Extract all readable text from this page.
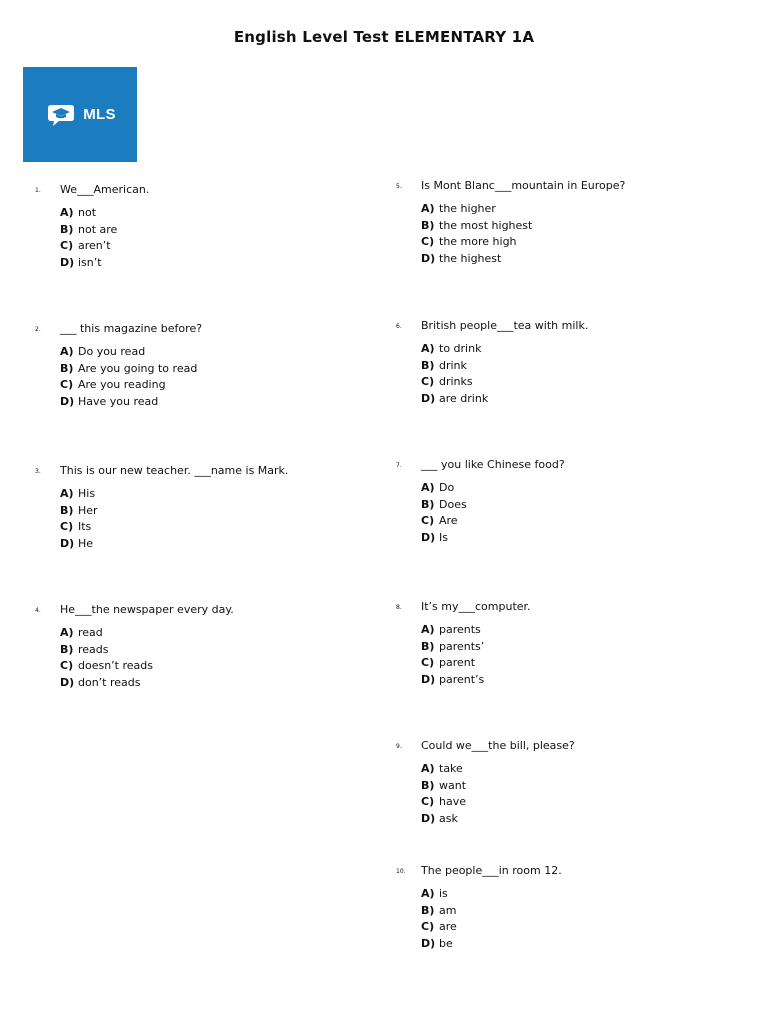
English Level Test ELEMENTARY 1A
MLS
1. We___American.
A) not
B) not are
C) aren’t
D) isn’t
2. ___ this magazine before?
A) Do you read
B) Are you going to read
C) Are you reading
D) Have you read
3. This is our new teacher. ___name is Mark.
A) His
B) Her
C) Its
D) He
4. He___the newspaper every day.
A) read
B) reads
C) doesn’t reads
D) don’t reads
5. Is Mont Blanc___mountain in Europe?
A) the higher
B) the most highest
C) the more high
D) the highest
6. British people___tea with milk.
A) to drink
B) drink
C) drinks
D) are drink
7. ___ you like Chinese food?
A) Do
B) Does
C) Are
D) Is
8. It’s my___computer.
A) parents
B) parents’
C) parent
D) parent’s
9. Could we___the bill, please?
A) take
B) want
C) have
D) ask
10. The people___in room 12.
A) is
B) am
C) are
D) be
